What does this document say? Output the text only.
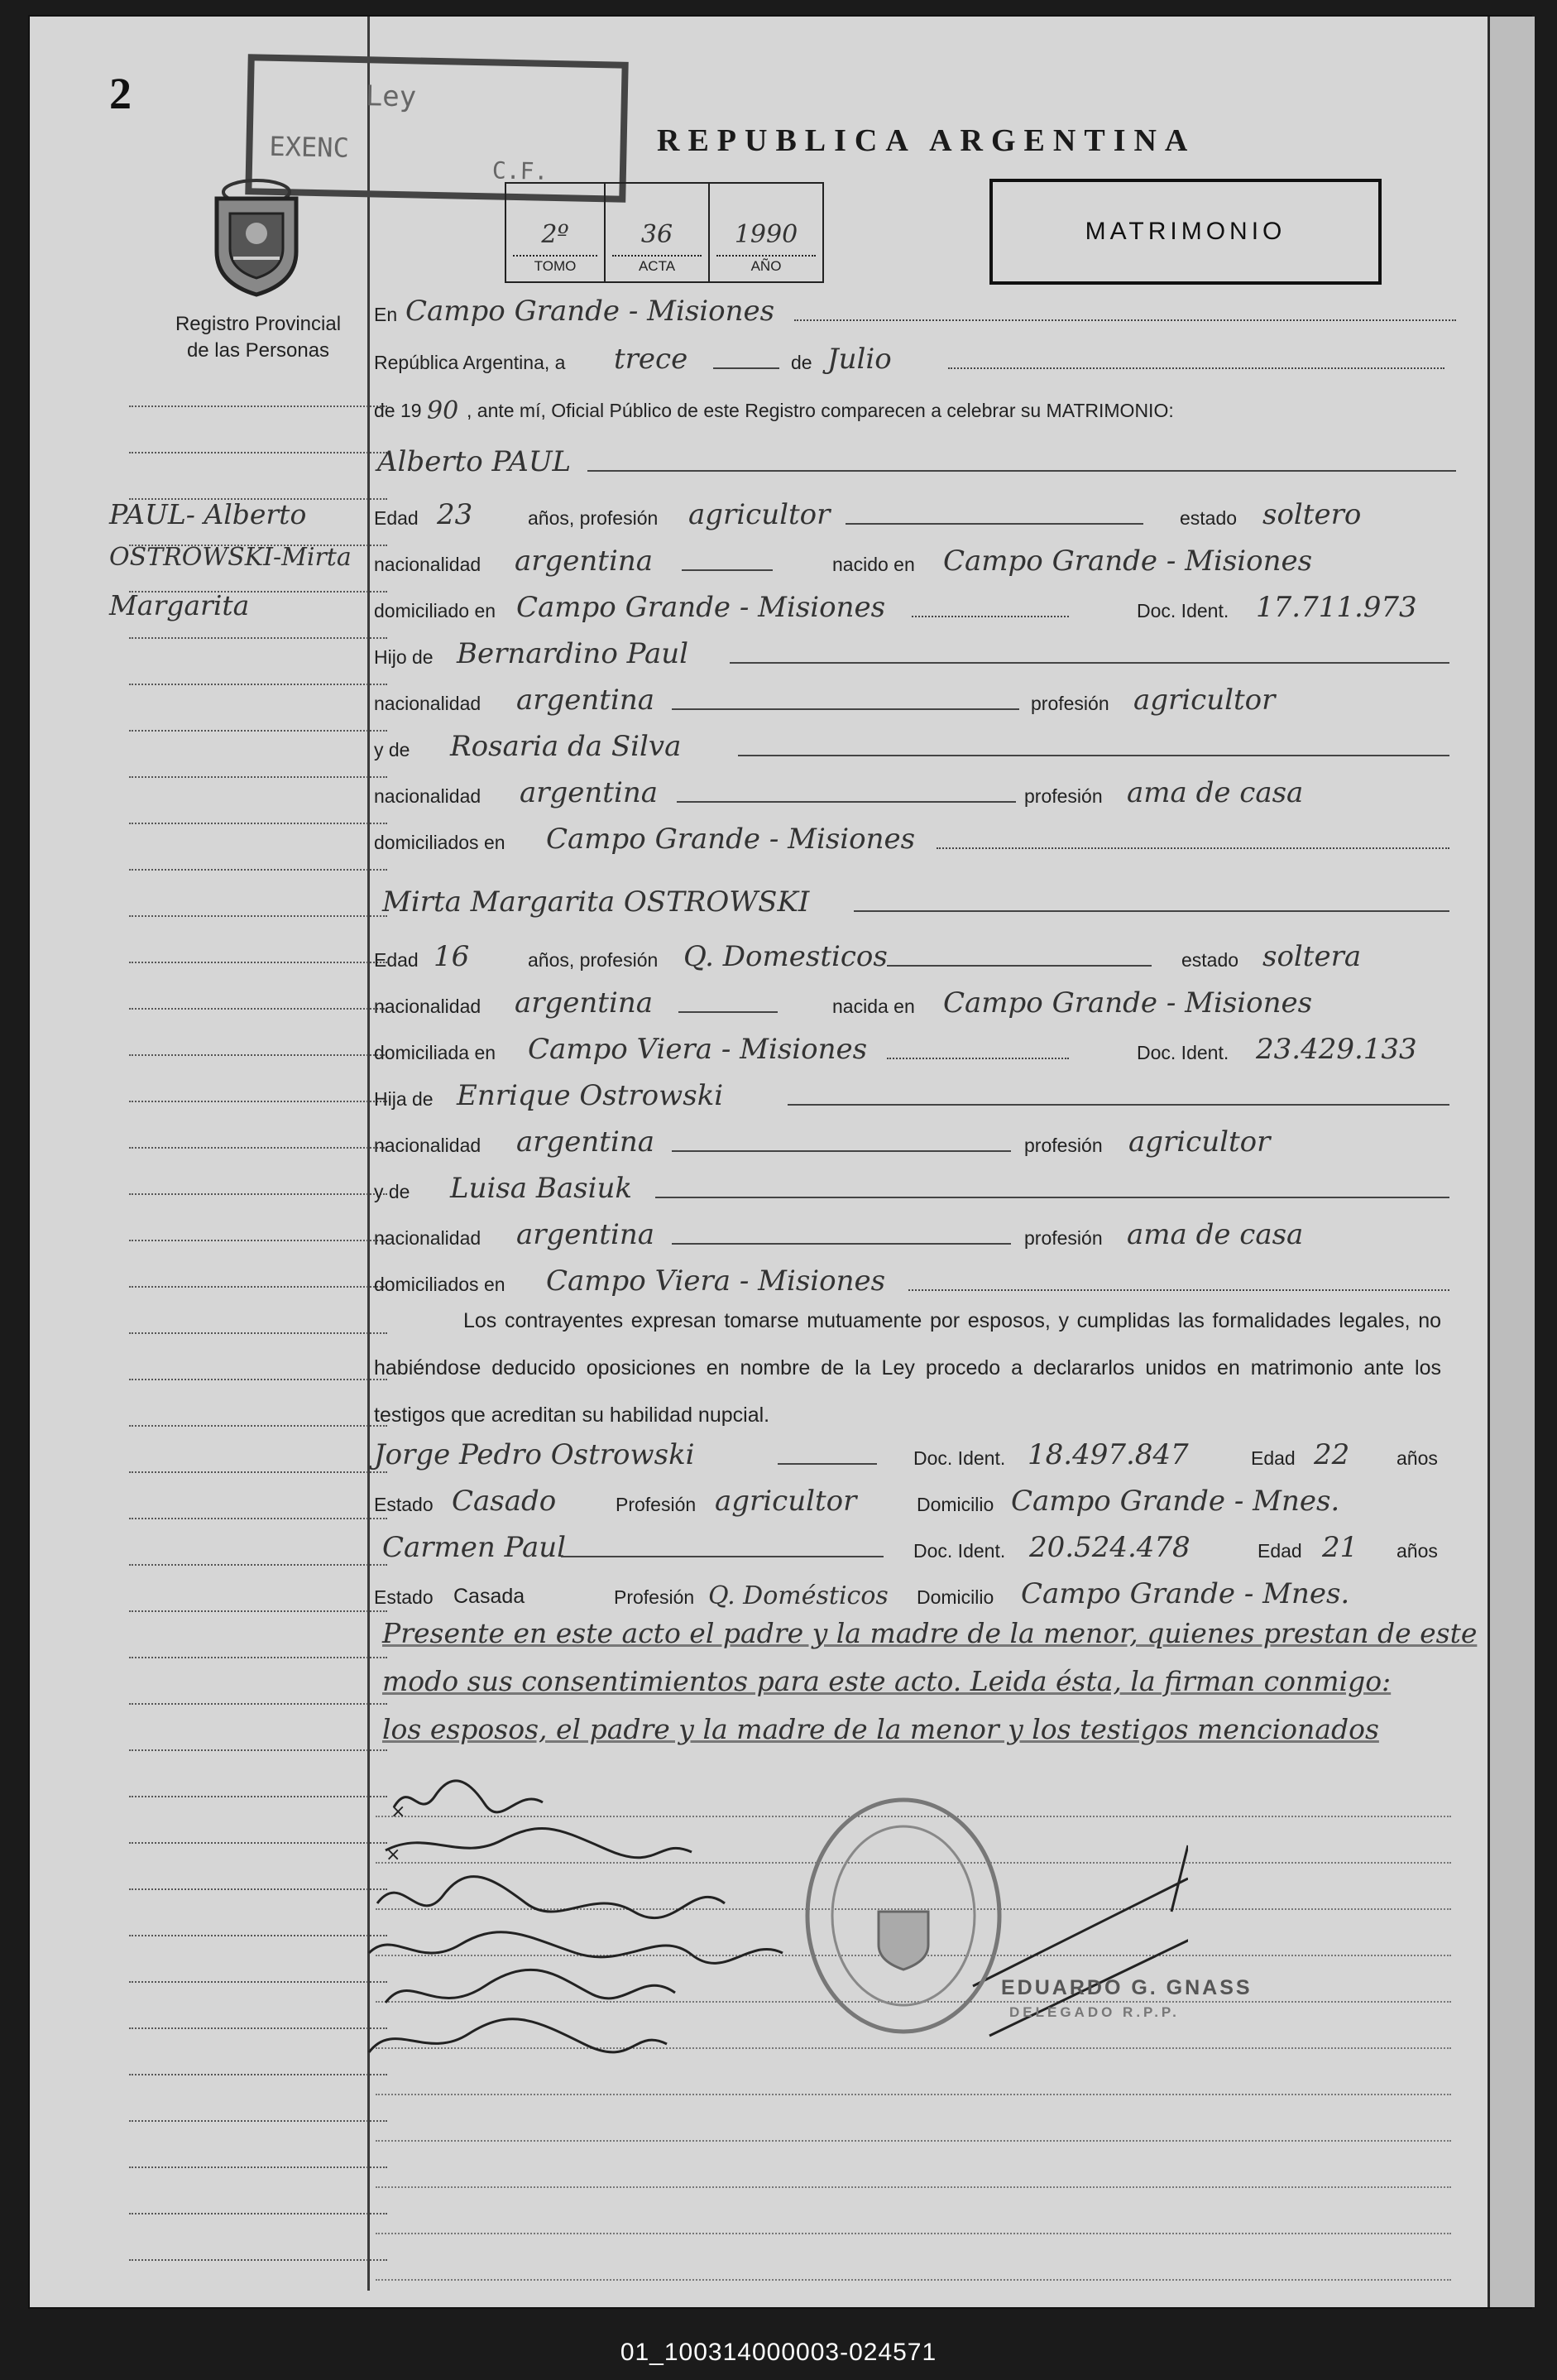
2	Ley
EXENC
C.F.
REPUBLICA ARGENTINA
2º
TOMO
36
ACTA
1990
AÑO
MATRIMONIO
Registro Provincial
de las Personas
PAUL- Alberto
OSTROWSKI-Mirta
Margarita
En Campo Grande - Misiones
República Argentina, a trece	de Julio
de 19 90 , ante mí, Oficial Público de este Registro comparecen a celebrar su MATRIMONIO:
Alberto PAUL
Edad 23	años, profesión agricultor	estado soltero
nacionalidad argentina	nacido en Campo Grande - Misiones
domiciliado en Campo Grande - Misiones	Doc. Ident. 17.711.973
Hijo de Bernardino Paul
nacionalidad argentina	profesión agricultor
y de Rosaria da Silva
nacionalidad argentina	profesión ama de casa
domiciliados en Campo Grande - Misiones
Mirta Margarita OSTROWSKI
Edad 16	años, profesión Q. Domesticos	estado soltera
nacionalidad argentina	nacida en Campo Grande - Misiones
domiciliada en Campo Viera - Misiones	Doc. Ident. 23.429.133
Hija de Enrique Ostrowski
nacionalidad argentina	profesión agricultor
y de Luisa Basiuk
nacionalidad argentina	profesión ama de casa
domiciliados en Campo Viera - Misiones
Los contrayentes expresan tomarse mutuamente por esposos, y cumplidas las formalidades legales, no habiéndose deducido oposiciones en nombre de la Ley procedo a declararlos unidos en matrimonio ante los testigos que acreditan su habilidad nupcial.
Jorge Pedro Ostrowski	Doc. Ident. 18.497.847	Edad 22 años
Estado Casado	Profesión agricultor	Domicilio Campo Grande - Mnes.
Carmen Paul	Doc. Ident. 20.524.478	Edad 21 años
Estado Casada	Profesión Q. Domésticos Domicilio Campo Grande - Mnes.
Presente en este acto el padre y la madre de la menor, quienes prestan de este
modo sus consentimientos para este acto. Leida ésta, la firman conmigo:
los esposos, el padre y la madre de la menor y los testigos mencionados
×
×
EDUARDO G. GNASS
DELEGADO R.P.P.
01_100314000003-024571
